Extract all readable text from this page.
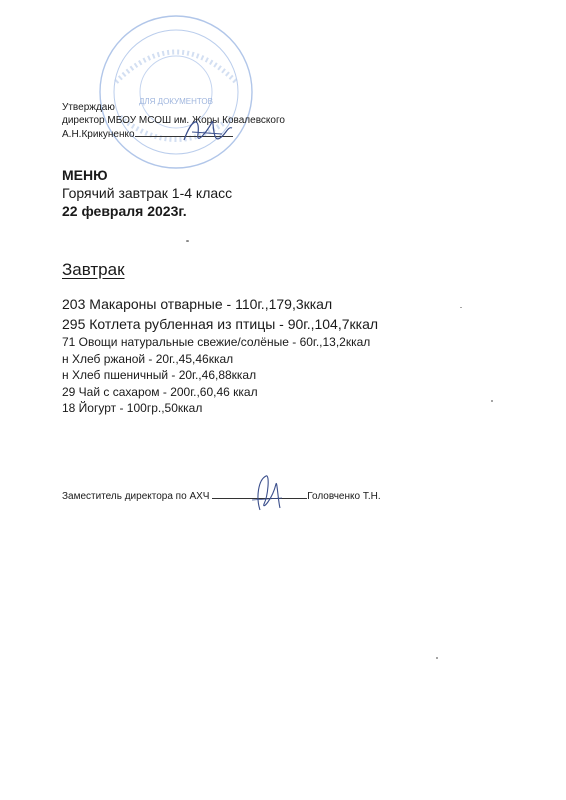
ДЛЯ ДОКУМЕНТОВ
Утверждаю
директор МБОУ МСОШ им. Жоры Ковалевского
А.Н.Крикуненко
МЕНЮ
Горячий завтрак 1-4 класс
22 февраля 2023г.
Завтрак
203 Макароны отварные - 110г.,179,3ккал
295 Котлета рубленная из птицы - 90г.,104,7ккал
71 Овощи натуральные свежие/солёные - 60г.,13,2ккал
н Хлеб ржаной - 20г.,45,46ккал
н Хлеб пшеничный - 20г.,46,88ккал
29 Чай с сахаром - 200г.,60,46 ккал
18 Йогурт - 100гр.,50ккал
Заместитель директора по АХЧ	Головченко Т.Н.
